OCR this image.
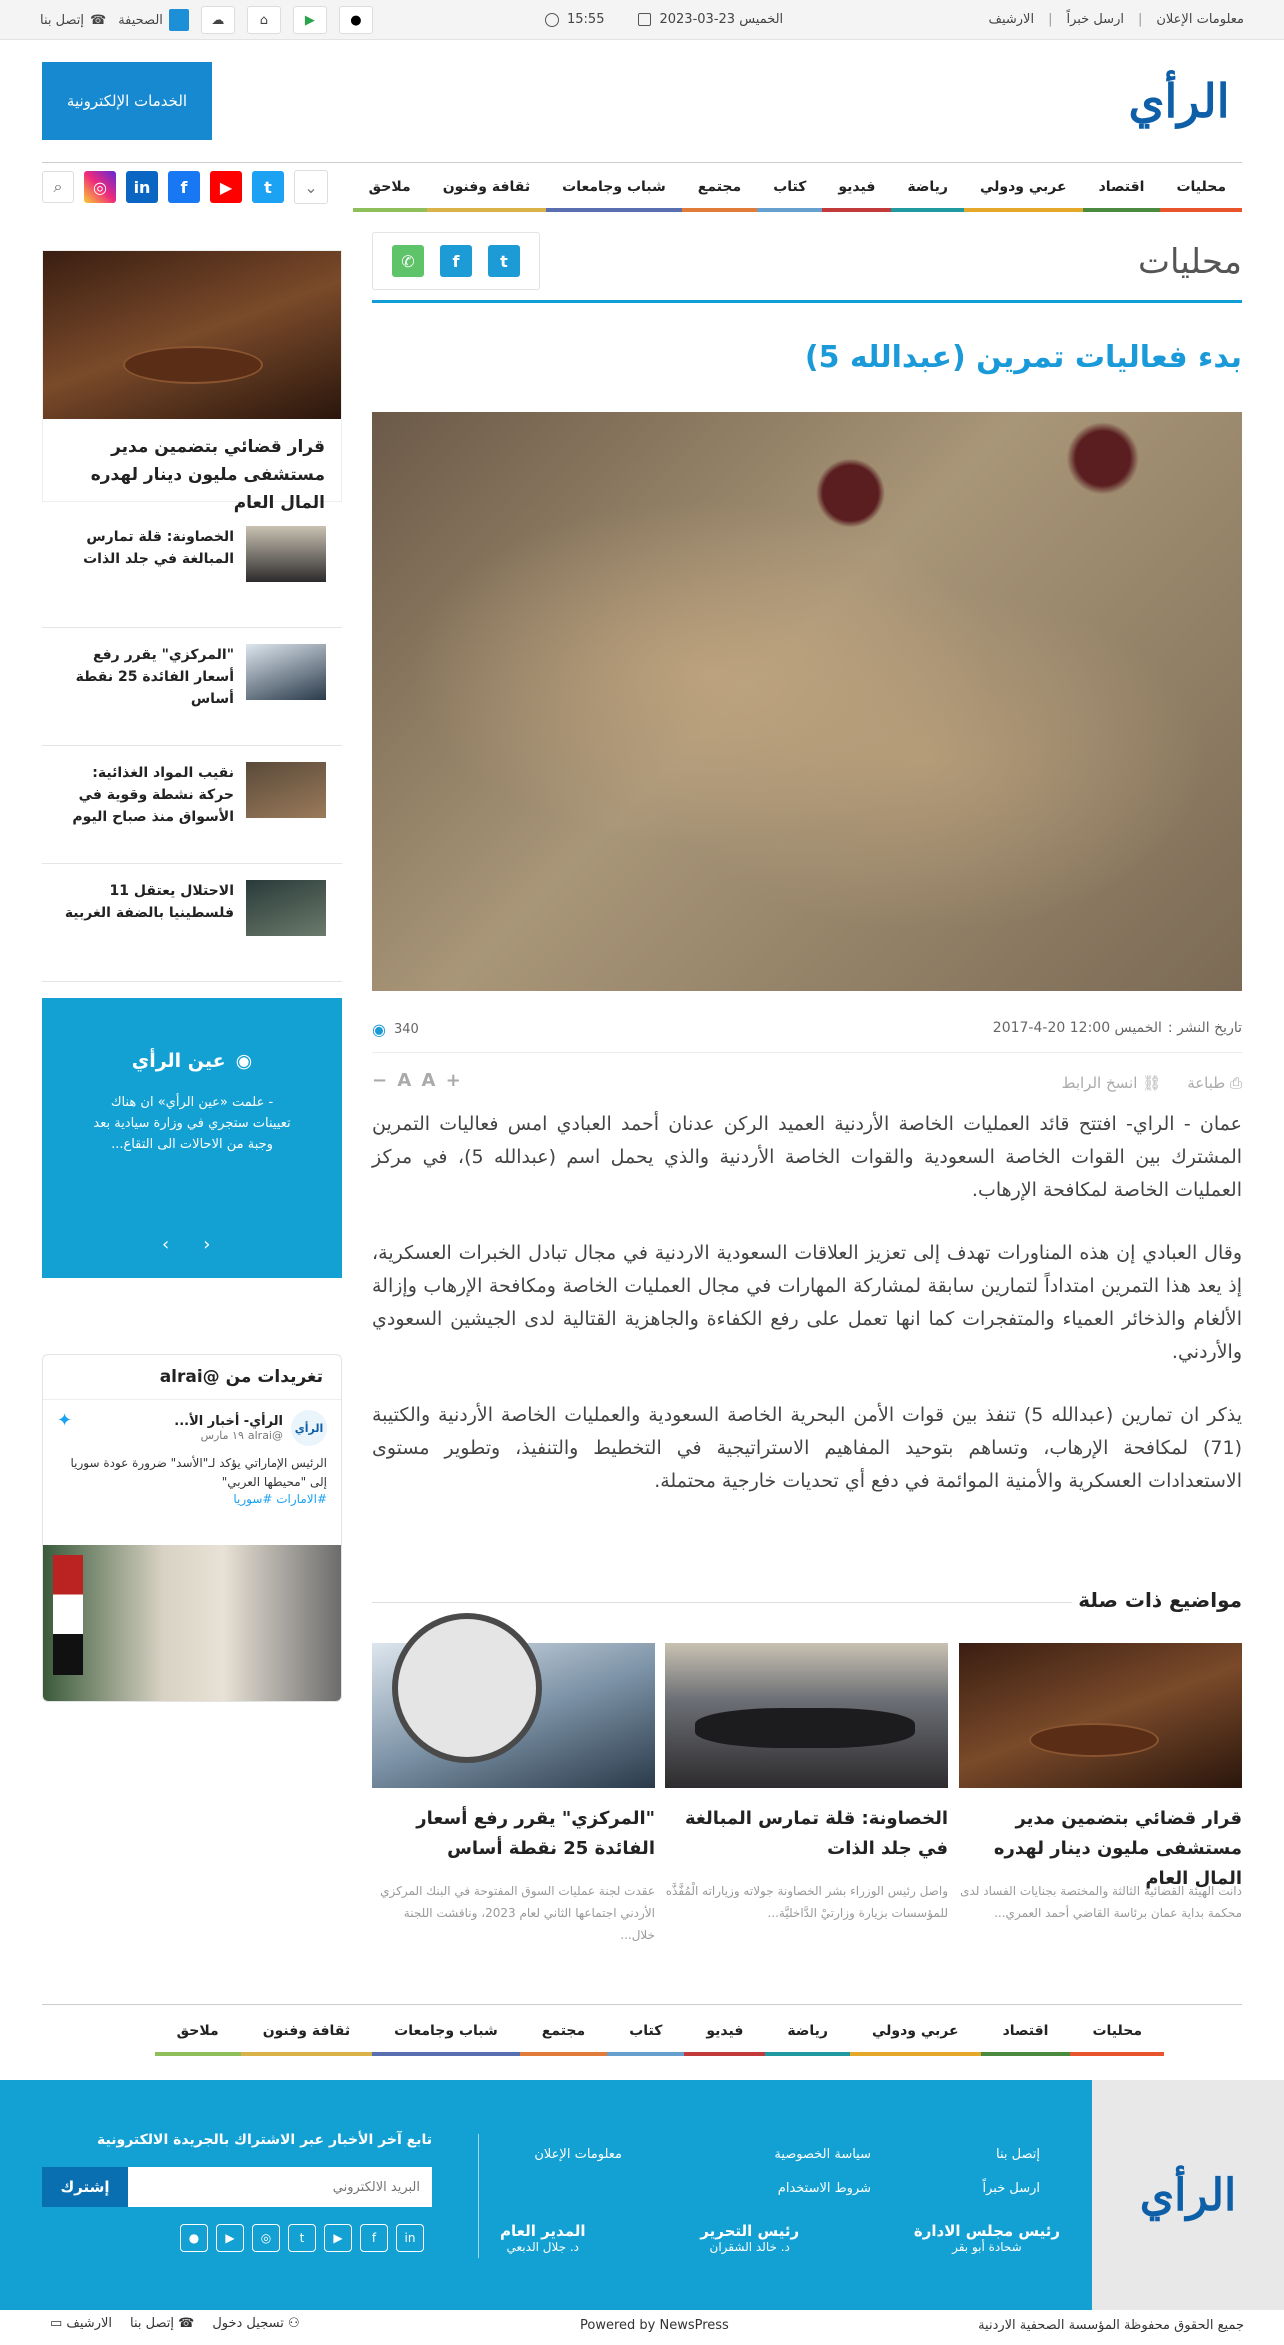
معلومات الإعلان
|
ارسل خبراً
|
الارشيف
15:55	الخميس 23-03-2023
إتصل بنا ☎ الصحيفة	☁	⌂	▶	●
الخدمات الإلكترونية	الرأي
محليات
اقتصاد
عربي ودولي
رياضة
فيديو
كتاب
مجتمع
شباب وجامعات
ثقافة وفنون
ملاحق
⌕	◎	in	f	▶	t	⌄
محليات
✆	f	t
بدء فعاليات تمرين (عبدالله 5)
تاريخ النشر :
الخميس 12:00 20-4-2017
◉ 340
⎙ طباعة
⛓ انسخ الرابط
− A A +

عمان - الراي- افتتح قائد العمليات الخاصة الأردنية العميد الركن عدنان أحمد العبادي امس فعاليات التمرين المشترك بين القوات الخاصة السعودية والقوات الخاصة الأردنية والذي يحمل اسم (عبدالله 5)، في مركز العمليات الخاصة لمكافحة الإرهاب.

وقال العبادي إن هذه المناورات تهدف إلى تعزيز العلاقات السعودية الاردنية في مجال تبادل الخبرات العسكرية، إذ يعد هذا التمرين امتداداً لتمارين سابقة لمشاركة المهارات في مجال العمليات الخاصة ومكافحة الإرهاب وإزالة الألغام والذخائر العمياء والمتفجرات كما انها تعمل على رفع الكفاءة والجاهزية القتالية لدى الجيشين السعودي والأردني.

يذكر ان تمارين (عبدالله 5) تنفذ بين قوات الأمن البحرية الخاصة السعودية والعمليات الخاصة الأردنية والكتيبة (71) لمكافحة الإرهاب، وتساهم بتوحيد المفاهيم الاستراتيجية في التخطيط والتنفيذ، وتطوير مستوى الاستعدادات العسكرية والأمنية الموائمة في دفع أي تحديات خارجية محتملة.

مواضيع ذات صلة
قرار قضائي بتضمين مدير مستشفى مليون دينار لهدره المال العام
الخصاونة: قلة تمارس المبالغة في جلد الذات
"المركزي" يقرر رفع أسعار الفائدة 25 نقطة أساس
دانت الهيئة القضائية الثالثة والمختصة بجنايات الفساد لدى محكمة بداية عمان برئاسة القاضي أحمد العمري...
واصل رئيس الوزراء بشر الخصاونة جولاته وزياراته الْمُفَّذَّه للمؤسسات بزيارة وزارتيْ الدَّاخليَّة...
عقدت لجنة عمليات السوق المفتوحة في البنك المركزي الأردني اجتماعها الثاني لعام 2023، وناقشت اللجنة خلال...
قرار قضائي بتضمين مدير مستشفى مليون دينار لهدره المال العام
الخصاونة: قلة تمارس المبالغة في جلد الذات
"المركزي" يقرر رفع أسعار الفائدة 25 نقطة أساس
نقيب المواد الغذائية: حركة نشطة وقوية في الأسواق منذ صباح اليوم
الاحتلال يعتقل 11 فلسطينيا بالضفة الغربية
◉
عين الرأي
- علمت «عين الرأي» ان هناك تعيينات ستجري في وزارة سيادية بعد وجبة من الاحالات الى التقاع...
‹ ›
تغريدات من @alrai
✦	الرأي
الرأي- أخبار الأ...
@alrai
١٩ مارس
الرئيس الإماراتي يؤكد لـ"الأسد" ضرورة عودة سوريا إلى "محيطها العربي"
#الامارات #سوريا
محليات
اقتصاد
عربي ودولي
رياضة
فيديو
كتاب
مجتمع
شباب وجامعات
ثقافة وفنون
ملاحق
الرأي
إتصل بنا
ارسل خبراً
سياسة الخصوصية
شروط الاستخدام
معلومات الإعلان
رئيس مجلس الادارة
شحادة أبو بقر
رئيس التحرير
د. خالد الشقران
المدير العام
د. جلال الدبعي
تابع آخر الأخبار عبر الاشتراك بالجريدة الالكترونية
إشترك
البريد الالكتروني
●	▶	◎	t	▶	f	in
جميع الحقوق محفوظة المؤسسة الصحفية الاردنية
Powered by NewsPress
▭ الارشيف إتصل بنا ☎ تسجيل دخول ⚇
